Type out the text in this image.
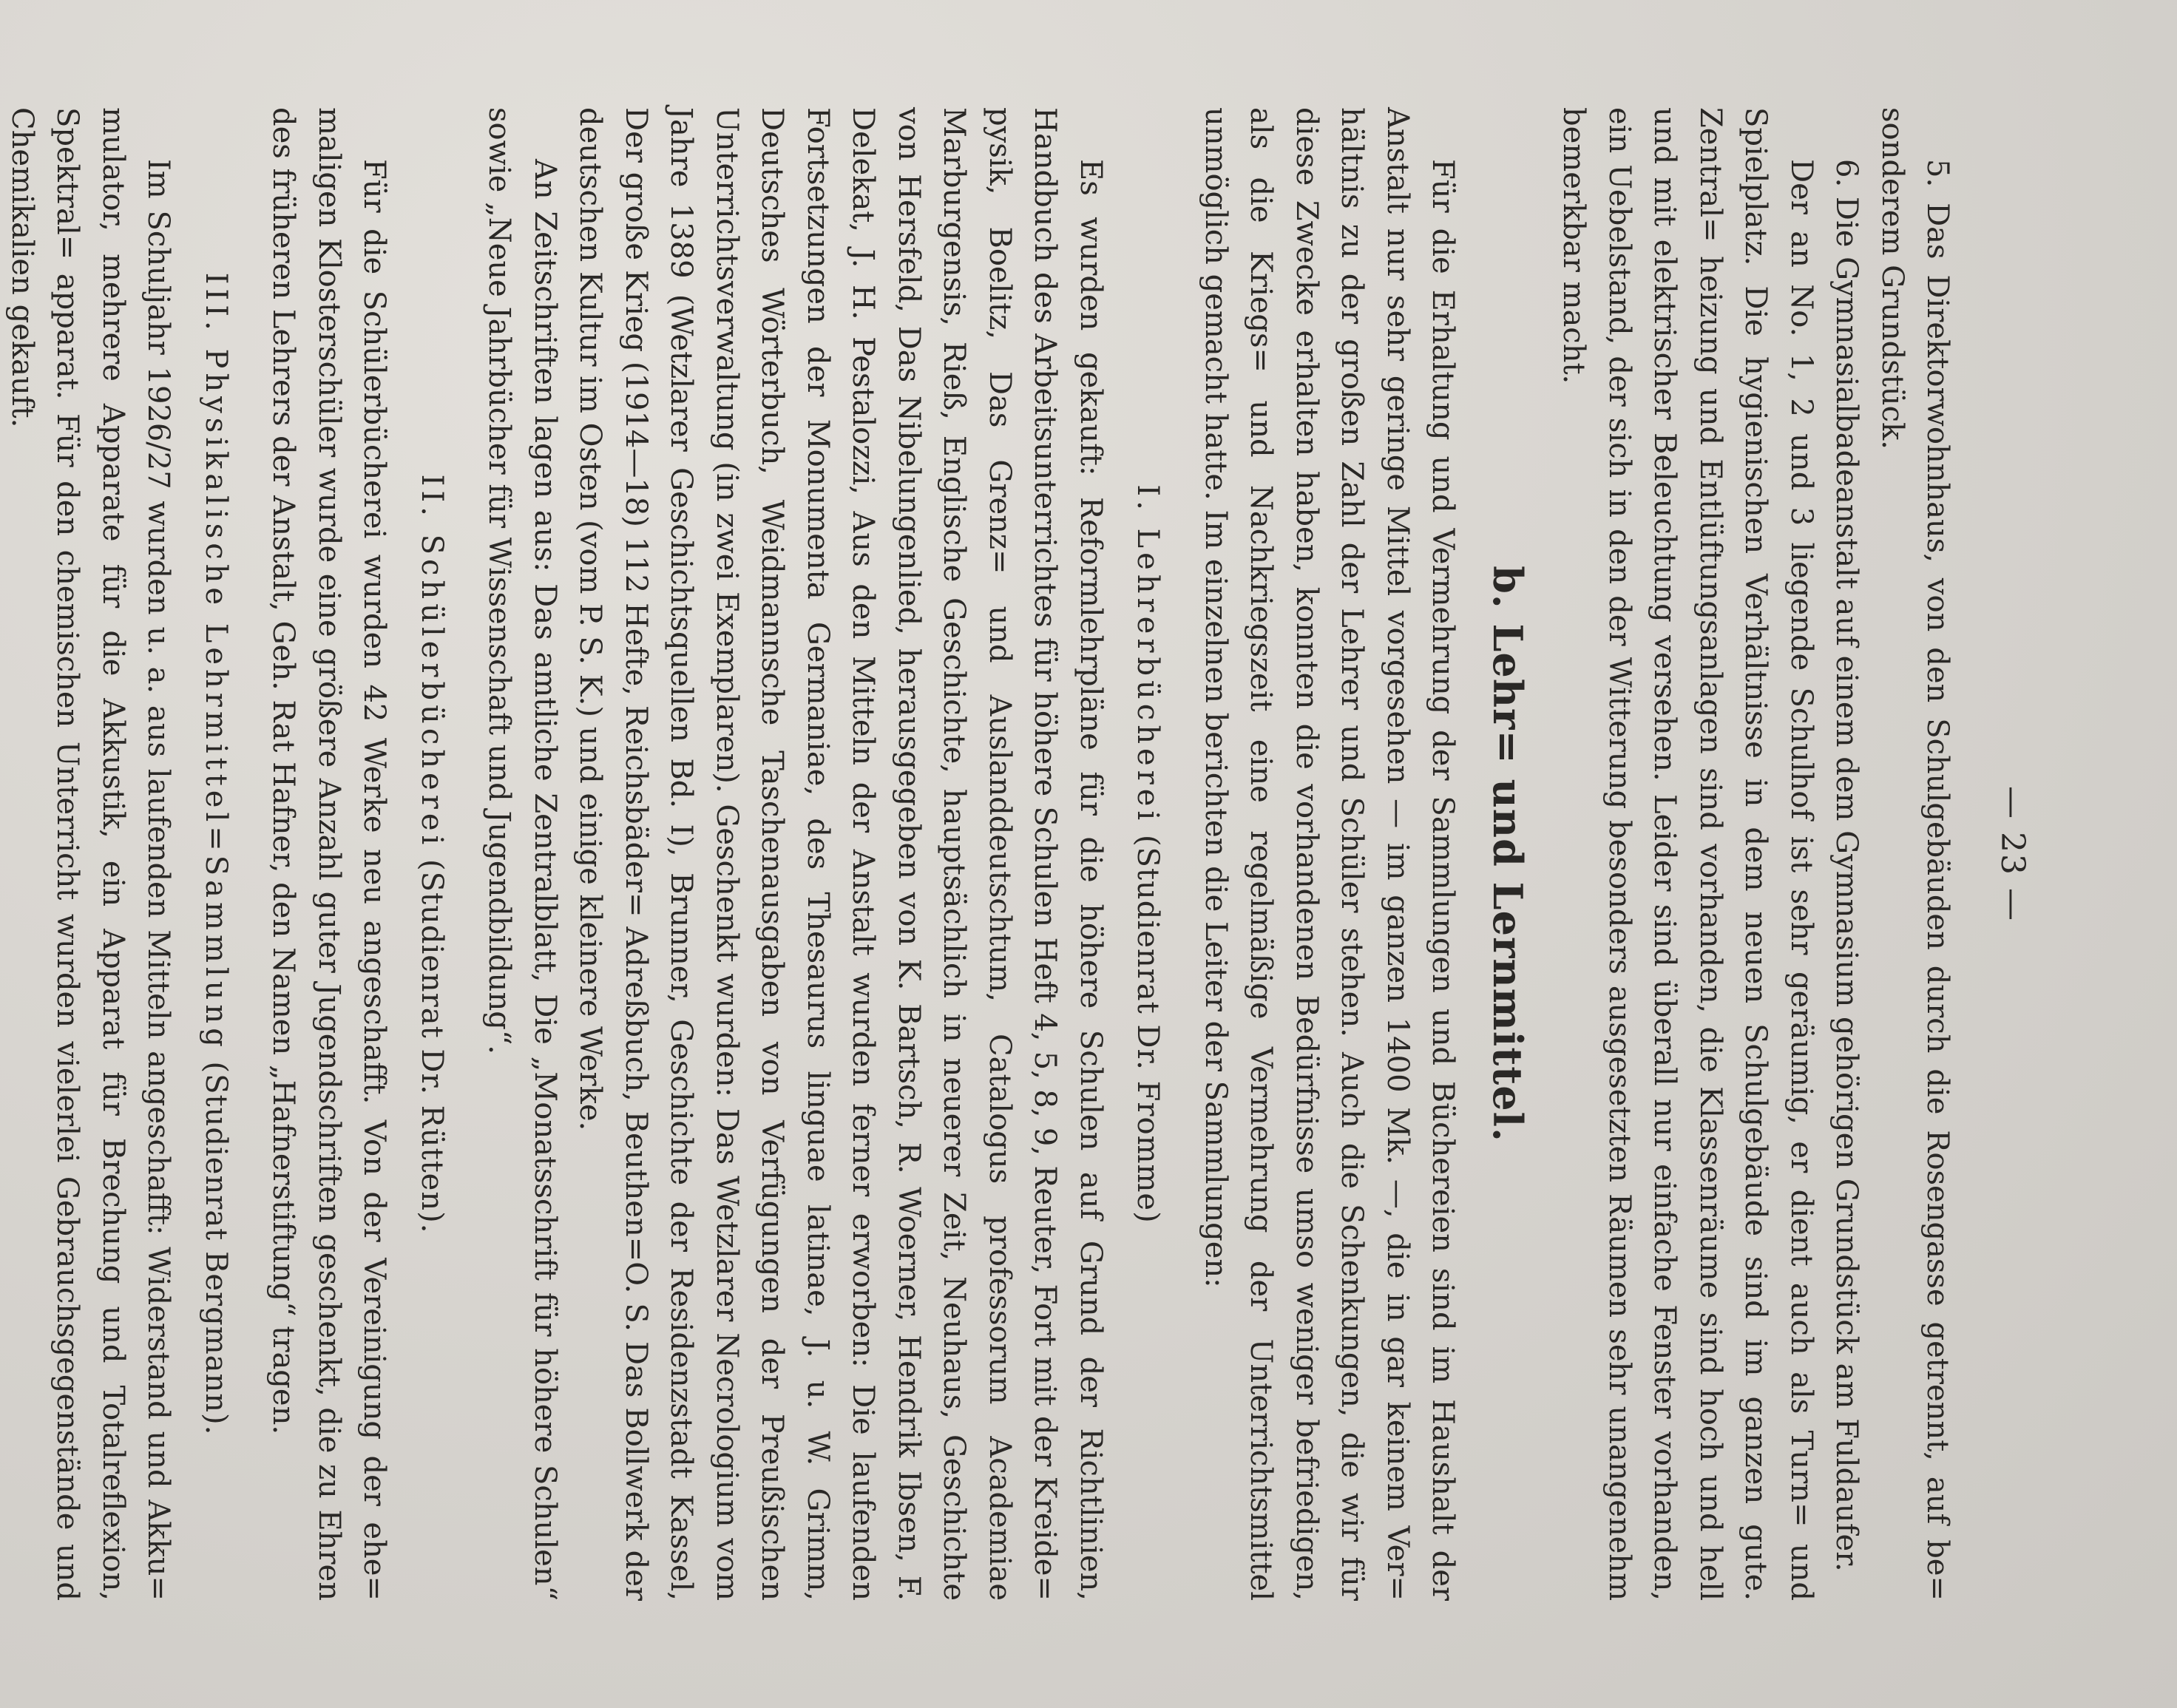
— 23 —

5. Das Direktorwohnhaus, von den Schulgebäuden durch die Rosengasse getrennt, auf be= sonderem Grundstück.

6. Die Gymnasialbadeanstalt auf einem dem Gymnasium gehörigen Grundstück am Fuldaufer.

Der an No. 1, 2 und 3 liegende Schulhof ist sehr geräumig, er dient auch als Turn= und Spielplatz. Die hygienischen Verhältnisse in dem neuen Schulgebäude sind im ganzen gute. Zentral= heizung und Entlüftungsanlagen sind vorhanden, die Klassenräume sind hoch und hell und mit elektrischer Beleuchtung versehen. Leider sind überall nur einfache Fenster vorhanden, ein Uebelstand, der sich in den der Witterung besonders ausgesetzten Räumen sehr unangenehm bemerkbar macht.

b. Lehr= und Lernmittel.

Für die Erhaltung und Vermehrung der Sammlungen und Büchereien sind im Haushalt der Anstalt nur sehr geringe Mittel vorgesehen — im ganzen 1400 Mk. —, die in gar keinem Ver= hältnis zu der großen Zahl der Lehrer und Schüler stehen. Auch die Schenkungen, die wir für diese Zwecke erhalten haben, konnten die vorhandenen Bedürfnisse umso weniger befriedigen, als die Kriegs= und Nachkriegszeit eine regelmäßige Vermehrung der Unterrichtsmittel unmöglich gemacht hatte. Im einzelnen berichten die Leiter der Sammlungen:

I. Lehrerbücherei (Studienrat Dr. Fromme)

Es wurden gekauft: Reformlehrpläne für die höhere Schulen auf Grund der Richtlinien, Handbuch des Arbeitsunterrichtes für höhere Schulen Heft 4, 5, 8, 9, Reuter, Fort mit der Kreide= pysik, Boelitz, Das Grenz= und Auslanddeutschtum, Catalogus professorum Academiae Marburgensis, Rieß, Englische Geschichte, hauptsächlich in neuerer Zeit, Neuhaus, Geschichte von Hersfeld, Das Nibelungenlied, herausgegeben von K. Bartsch, R. Woerner, Hendrik Ibsen, F. Delekat, J. H. Pestalozzi, Aus den Mitteln der Anstalt wurden ferner erworben: Die laufenden Fortsetzungen der Monumenta Germaniae, des Thesaurus linguae latinae, J. u. W. Grimm, Deutsches Wörterbuch, Weidmannsche Taschenausgaben von Verfügungen der Preußischen Unterrichtsverwaltung (in zwei Exemplaren). Geschenkt wurden: Das Wetzlarer Necrologium vom Jahre 1389 (Wetzlarer Geschichtsquellen Bd. I), Brunner, Geschichte der Residenzstadt Kassel, Der große Krieg (1914—18) 112 Hefte, Reichsbäder= Adreßbuch, Beuthen=O. S. Das Bollwerk der deutschen Kultur im Osten (vom P. S. K.) und einige kleinere Werke.

An Zeitschriften lagen aus: Das amtliche Zentralblatt, Die „Monatsschrift für höhere Schulen“ sowie „Neue Jahrbücher für Wissenschaft und Jugendbildung“.

II. Schülerbücherei (Studienrat Dr. Rütten).

Für die Schülerbücherei wurden 42 Werke neu angeschafft. Von der Vereinigung der ehe= maligen Klosterschüler wurde eine größere Anzahl guter Jugendschriften geschenkt, die zu Ehren des früheren Lehrers der Anstalt, Geh. Rat Hafner, den Namen „Hafnerstiftung“ tragen.

III. Physikalische Lehrmittel=Sammlung (Studienrat Bergmann).

Im Schuljahr 1926/27 wurden u. a. aus laufenden Mitteln angeschafft: Widerstand und Akku= mulator, mehrere Apparate für die Akkustik, ein Apparat für Brechung und Totalreflexion, Spektral= apparat. Für den chemischen Unterricht wurden vielerlei Gebrauchsgegenstände und Chemikalien gekauft.
